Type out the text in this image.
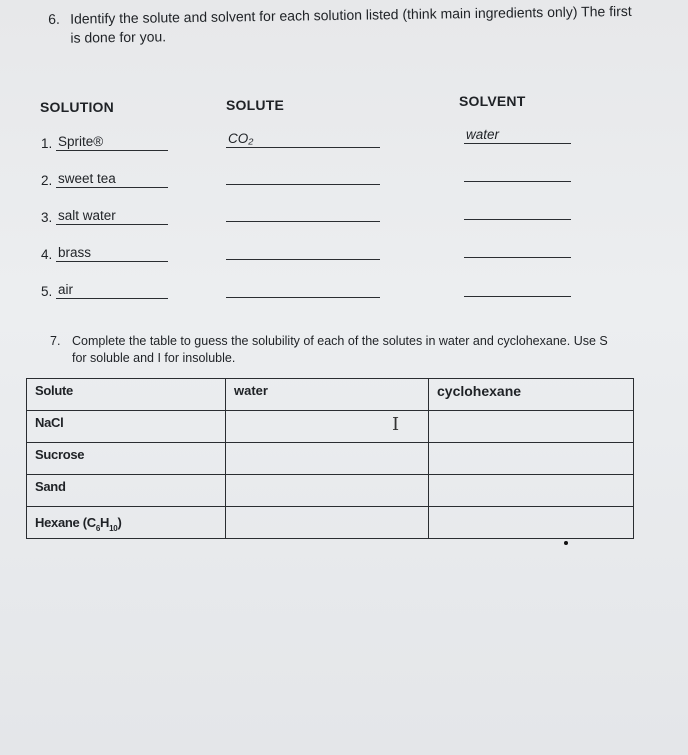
6. Identify the solute and solvent for each solution listed (think main ingredients only) The first
is done for you.
SOLUTION	SOLUTE	SOLVENT
1. Sprite®	CO₂	water
2. sweet tea
3. salt water
4. brass
5. air
7. Complete the table to guess the solubility of each of the solutes in water and cyclohexane. Use S
for soluble and I for insoluble.
Solute	water	cyclohexane
NaCl		
Sucrose		
Sand		
Hexane (C6H10)		
I
